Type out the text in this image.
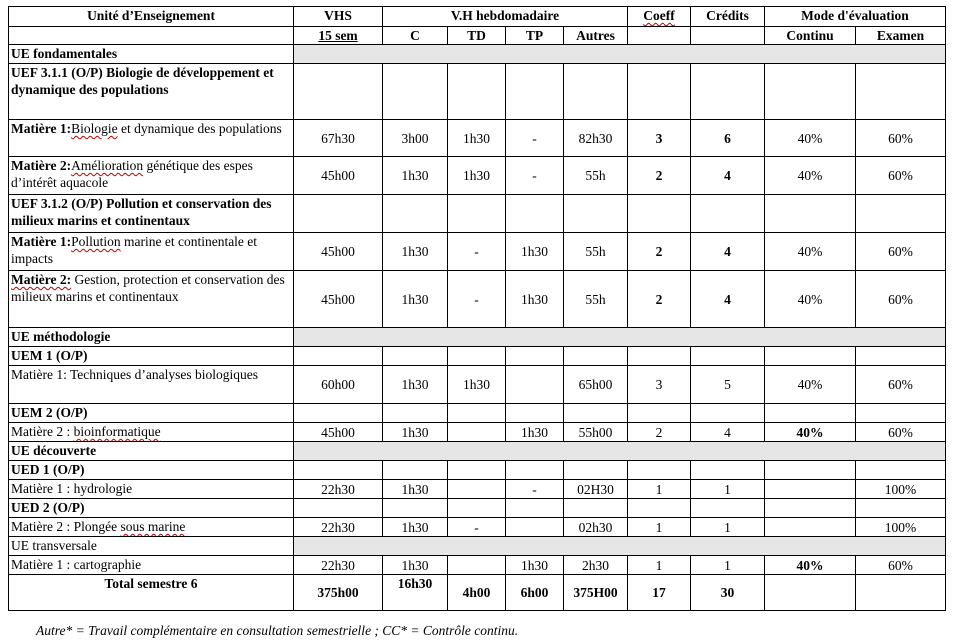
Unité d’Enseignement	VHS	V.H hebdomadaire				Coeff	Crédits	Mode d'évaluation	
	15 sem	C	TD	TP	Autres			Continu	Examen
UE fondamentales									
UEF 3.1.1 (O/P) Biologie de développement et dynamique des populations									
Matière 1:Biologie et dynamique des populations	67h30	3h00	1h30	-	82h30	3	6	40%	60%
Matière 2:Amélioration génétique des espes d’intérêt aquacole	45h00	1h30	1h30	-	55h	2	4	40%	60%
UEF 3.1.2 (O/P) Pollution et conservation des milieux marins et continentaux									
Matière 1:Pollution marine et continentale et impacts	45h00	1h30	-	1h30	55h	2	4	40%	60%
Matière 2: Gestion, protection et conservation des milieux marins et continentaux	45h00	1h30	-	1h30	55h	2	4	40%	60%
UE méthodologie									
UEM 1 (O/P)									
Matière 1: Techniques d’analyses biologiques	60h00	1h30	1h30		65h00	3	5	40%	60%
UEM 2 (O/P)									
Matière 2 : bioinformatique	45h00	1h30		1h30	55h00	2	4	40%	60%
UE découverte									
UED 1 (O/P)									
Matière 1 : hydrologie	22h30	1h30		-	02H30	1	1		100%
UED 2 (O/P)									
Matière 2 : Plongée sous marine	22h30	1h30	-		02h30	1	1		100%
UE transversale									
Matière 1 : cartographie	22h30	1h30		1h30	2h30	1	1	40%	60%
Total semestre 6	375h00	16h30	4h00	6h00	375H00	17	30		
Autre* = Travail complémentaire en consultation semestrielle ; CC* = Contrôle continu.
